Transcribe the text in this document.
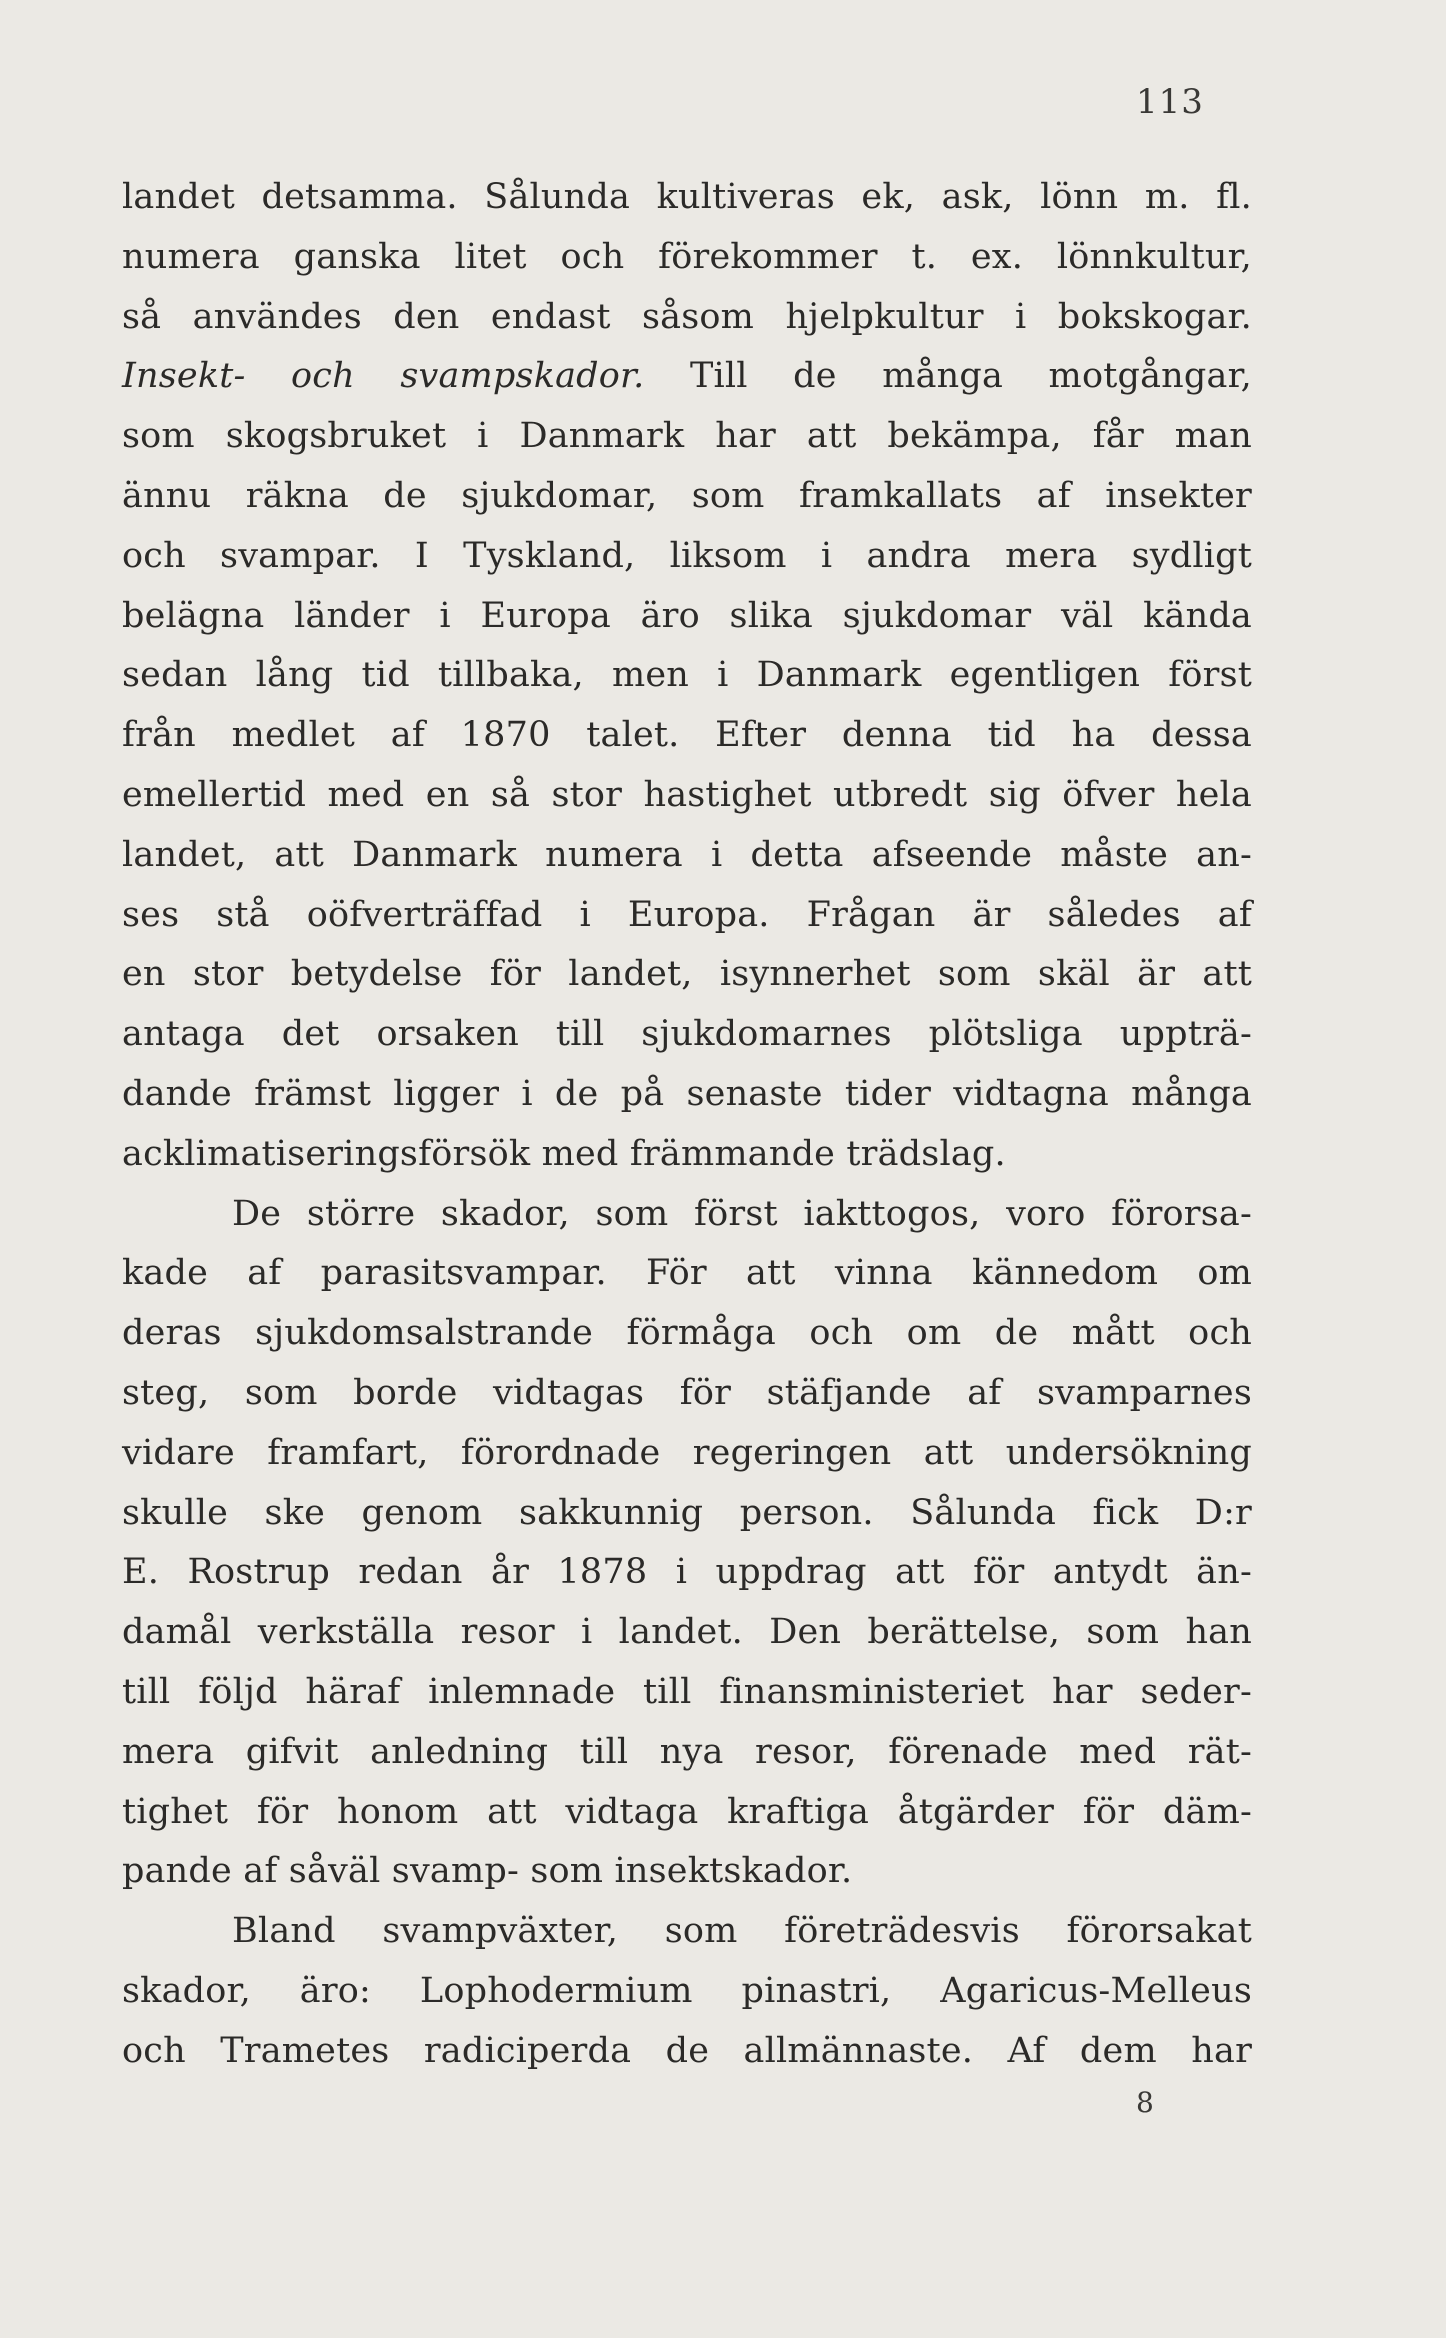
113
landet detsamma. Sålunda kultiveras ek, ask, lönn m. fl.
numera ganska litet och förekommer t. ex. lönnkultur,
så användes den endast såsom hjelpkultur i bokskogar.
Insekt- och svampskador. Till de många motgångar,
som skogsbruket i Danmark har att bekämpa, får man
ännu räkna de sjukdomar, som framkallats af insekter
och svampar. I Tyskland, liksom i andra mera sydligt
belägna länder i Europa äro slika sjukdomar väl kända
sedan lång tid tillbaka, men i Danmark egentligen först
från medlet af 1870 talet. Efter denna tid ha dessa
emellertid med en så stor hastighet utbredt sig öfver hela
landet, att Danmark numera i detta afseende måste an-
ses stå oöfverträffad i Europa. Frågan är således af
en stor betydelse för landet, isynnerhet som skäl är att
antaga det orsaken till sjukdomarnes plötsliga uppträ-
dande främst ligger i de på senaste tider vidtagna många
acklimatiseringsförsök med främmande trädslag.
De större skador, som först iakttogos, voro förorsa-
kade af parasitsvampar. För att vinna kännedom om
deras sjukdomsalstrande förmåga och om de mått och
steg, som borde vidtagas för stäfjande af svamparnes
vidare framfart, förordnade regeringen att undersökning
skulle ske genom sakkunnig person. Sålunda fick D:r
E. Rostrup redan år 1878 i uppdrag att för antydt än-
damål verkställa resor i landet. Den berättelse, som han
till följd häraf inlemnade till finansministeriet har seder-
mera gifvit anledning till nya resor, förenade med rät-
tighet för honom att vidtaga kraftiga åtgärder för däm-
pande af såväl svamp- som insektskador.
Bland svampväxter, som företrädesvis förorsakat
skador, äro: Lophodermium pinastri, Agaricus-Melleus
och Trametes radiciperda de allmännaste. Af dem har
8
